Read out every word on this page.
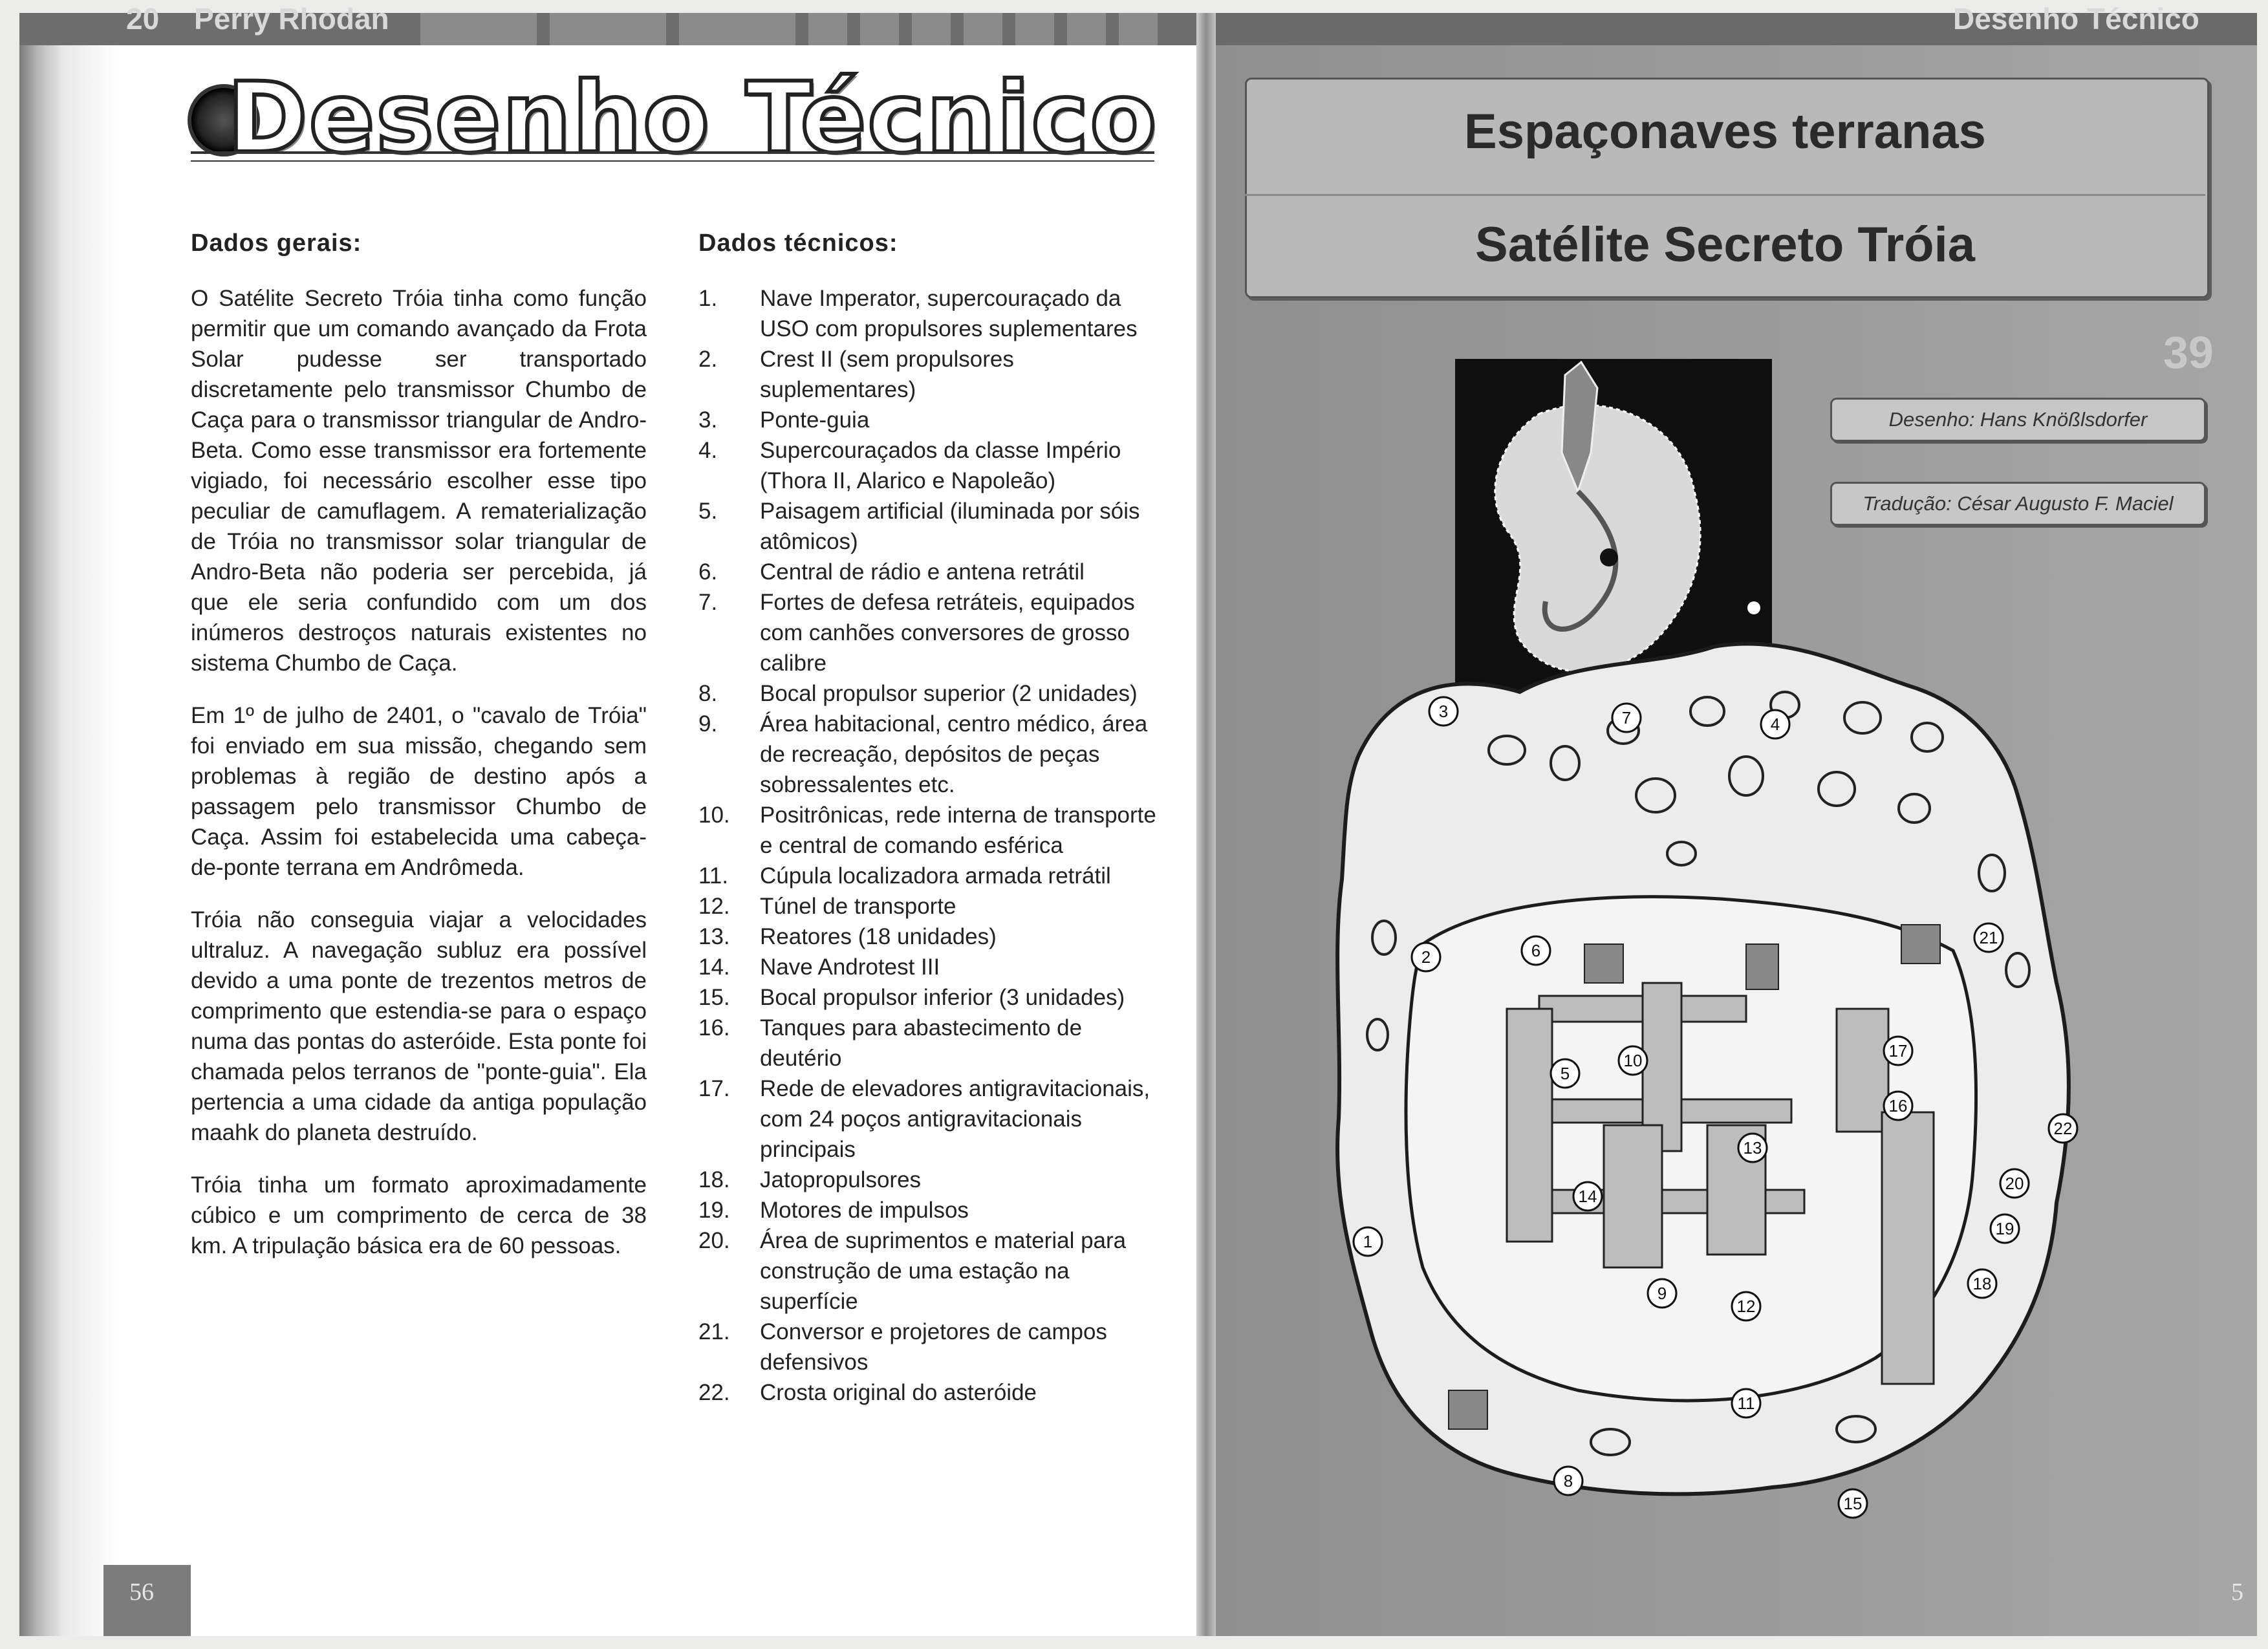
20 Perry Rhodan
Desenho Técnico
Dados gerais:

O Satélite Secreto Tróia tinha como função permitir que um comando avançado da Frota Solar pudesse ser transportado discretamente pelo transmissor Chumbo de Caça para o transmissor triangular de Andro-Beta. Como esse transmissor era fortemente vigiado, foi necessário escolher esse tipo peculiar de camuflagem. A rematerialização de Tróia no transmissor solar triangular de Andro-Beta não poderia ser percebida, já que ele seria confundido com um dos inúmeros destroços naturais existentes no sistema Chumbo de Caça.

Em 1º de julho de 2401, o "cavalo de Tróia" foi enviado em sua missão, chegando sem problemas à região de destino após a passagem pelo transmissor Chumbo de Caça. Assim foi estabelecida uma cabeça-de-ponte terrana em Andrômeda.

Tróia não conseguia viajar a velocidades ultraluz. A navegação subluz era possível devido a uma ponte de trezentos metros de comprimento que estendia-se para o espaço numa das pontas do asteróide. Esta ponte foi chamada pelos terranos de "ponte-guia". Ela pertencia a uma cidade da antiga população maahk do planeta destruído.

Tróia tinha um formato aproximadamente cúbico e um comprimento de cerca de 38 km. A tripulação básica era de 60 pessoas.

Dados técnicos:
1.	Nave Imperator, supercouraçado da USO com propulsores suplementares
2.	Crest II (sem propulsores suplementares)
3.	Ponte-guia
4.	Supercouraçados da classe Império (Thora II, Alarico e Napoleão)
5.	Paisagem artificial (iluminada por sóis atômicos)
6.	Central de rádio e antena retrátil
7.	Fortes de defesa retráteis, equipados com canhões conversores de grosso calibre
8.	Bocal propulsor superior (2 unidades)
9.	Área habitacional, centro médico, área de recreação, depósitos de peças sobressalentes etc.
10.	Positrônicas, rede interna de transporte e central de comando esférica
11.	Cúpula localizadora armada retrátil
12.	Túnel de transporte
13.	Reatores (18 unidades)
14.	Nave Androtest III
15.	Bocal propulsor inferior (3 unidades)
16.	Tanques para abastecimento de deutério
17.	Rede de elevadores antigravitacionais, com 24 poços antigravitacionais principais
18.	Jatopropulsores
19.	Motores de impulsos
20.	Área de suprimentos e material para construção de uma estação na superfície
21.	Conversor e projetores de campos defensivos
22.	Crosta original do asteróide
56
Desenho Técnico
Espaçonaves terranas
Satélite Secreto Tróia
39
Desenho: Hans Knößlsdorfer
Tradução: César Augusto F. Maciel
1
2
3
4
5
6
7
8
9
10
11
12
13
14
15
16
17
18
19
20
21
22
5
